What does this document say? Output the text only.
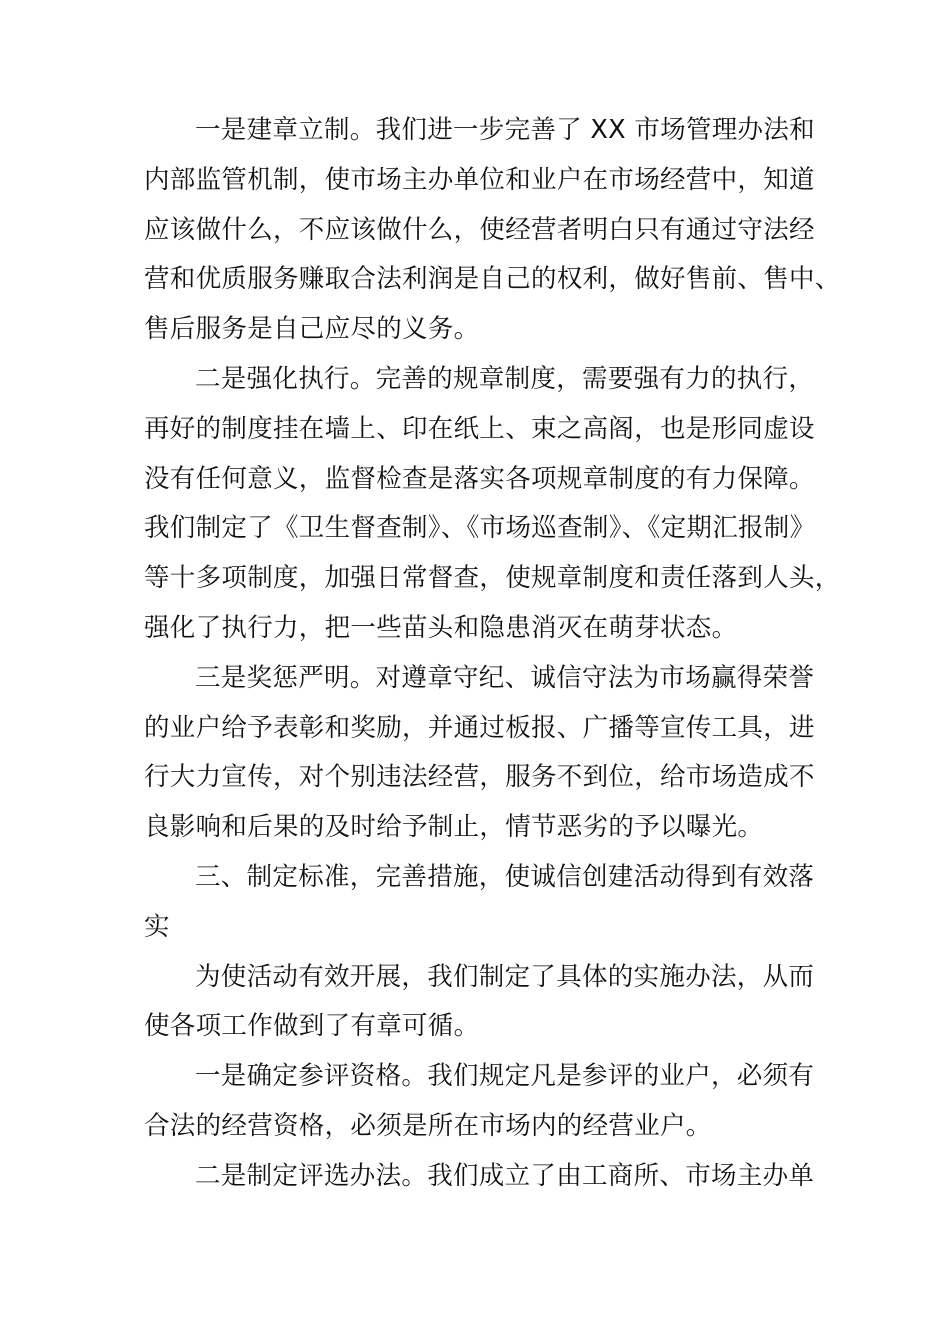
一是建章立制。我们进一步完善了 XX 市场管理办法和
内部监管机制，使市场主办单位和业户在市场经营中，知道
应该做什么，不应该做什么，使经营者明白只有通过守法经
营和优质服务赚取合法利润是自己的权利，做好售前、售中、
售后服务是自己应尽的义务。
二是强化执行。完善的规章制度，需要强有力的执行，
再好的制度挂在墙上、印在纸上、束之高阁，也是形同虚设
没有任何意义，监督检查是落实各项规章制度的有力保障。
我们制定了《卫生督查制》、《市场巡查制》、《定期汇报制》
等十多项制度，加强日常督查，使规章制度和责任落到人头，
强化了执行力，把一些苗头和隐患消灭在萌芽状态。
三是奖惩严明。对遵章守纪、诚信守法为市场赢得荣誉
的业户给予表彰和奖励，并通过板报、广播等宣传工具，进
行大力宣传，对个别违法经营，服务不到位，给市场造成不
良影响和后果的及时给予制止，情节恶劣的予以曝光。
三、制定标准，完善措施，使诚信创建活动得到有效落
实
为使活动有效开展，我们制定了具体的实施办法，从而
使各项工作做到了有章可循。
一是确定参评资格。我们规定凡是参评的业户，必须有
合法的经营资格，必须是所在市场内的经营业户。
二是制定评选办法。我们成立了由工商所、市场主办单
